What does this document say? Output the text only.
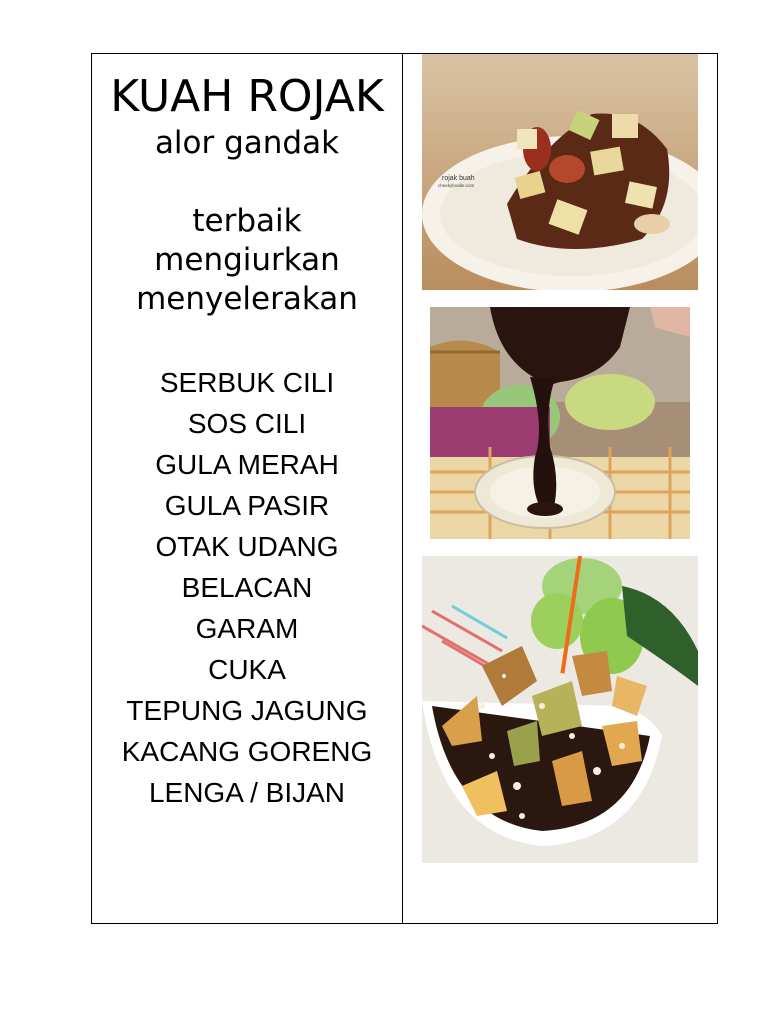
KUAH ROJAK
alor gandak
terbaik
mengiurkan
menyelerakan
SERBUK CILI
SOS CILI
GULA MERAH
GULA PASIR
OTAK UDANG
BELACAN
GARAM
CUKA
TEPUNG JAGUNG
KACANG GORENG
LENGA / BIJAN
rojak buah
cheekyfoodie.com
